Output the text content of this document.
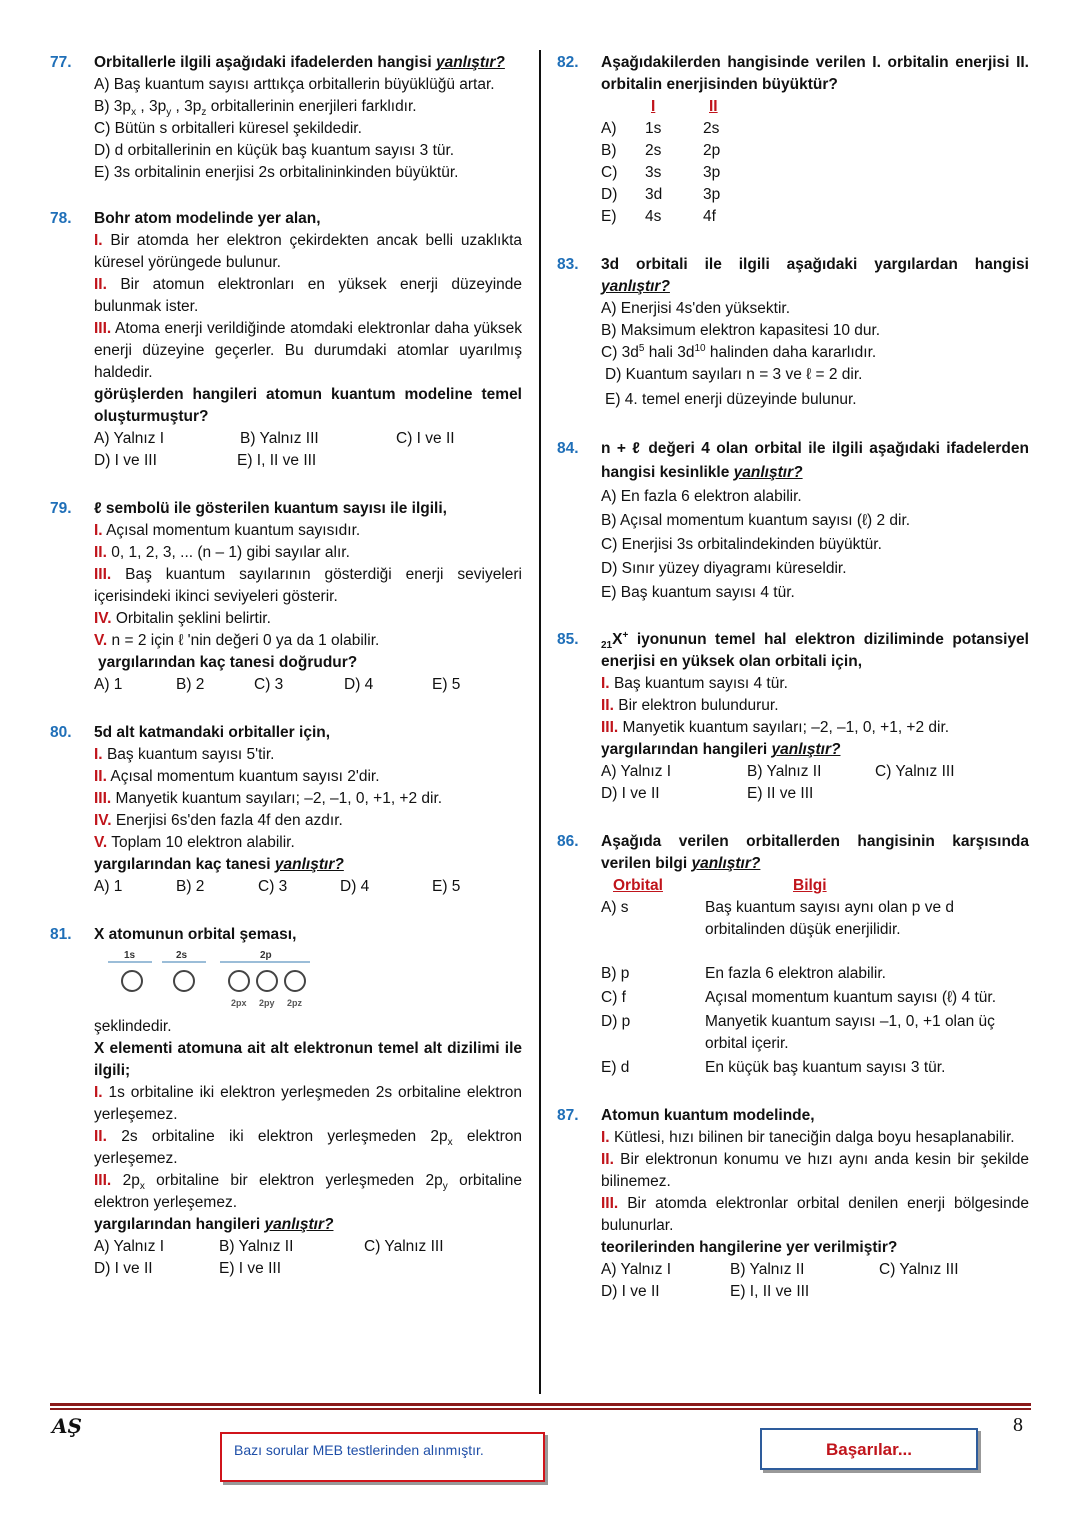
77. Orbitallerle ilgili aşağıdaki ifadelerden hangisi yanlıştır?
A) Baş kuantum sayısı arttıkça orbitallerin büyüklüğü artar.
B) $3p_x$ , $3p_y$ , $3p_z$ orbitallerinin enerjileri farklıdır.
C) Bütün s orbitalleri küresel şekildedir.
D) d orbitallerinin en küçük baş kuantum sayısı 3 tür.
E) 3s orbitalinin enerjisi 2s orbitalininkinden büyüktür.
78. Bohr atom modelinde yer alan,
I. Bir atomda her elektron çekirdekten ancak belli uzaklıkta küresel yörüngede bulunur.
II. Bir atomun elektronları en yüksek enerji düzeyinde bulunmak ister.
III. Atoma enerji verildiğinde atomdaki elektronlar daha yüksek enerji düzeyine geçerler. Bu durumdaki atomlar uyarılmış haldedir.
görüşlerden hangileri atomun kuantum modeline temel oluşturmuştur?
A) Yalnız I	B) Yalnız III	C) I ve II
D) I ve III	E) I, II ve III
79. ℓ sembolü ile gösterilen kuantum sayısı ile ilgili,
I. Açısal momentum kuantum sayısıdır.
II. 0, 1, 2, 3, ... (n – 1) gibi sayılar alır.
III. Baş kuantum sayılarının gösterdiği enerji seviyeleri içerisindeki ikinci seviyeleri gösterir.
IV. Orbitalin şeklini belirtir.
V. n = 2 için ℓ 'nin değeri 0 ya da 1 olabilir.
yargılarından kaç tanesi doğrudur?
A) 1	B) 2	C) 3	D) 4	E) 5
80. 5d alt katmandaki orbitaller için,
I. Baş kuantum sayısı 5'tir.
II. Açısal momentum kuantum sayısı 2'dir.
III. Manyetik kuantum sayıları; –2, –1, 0, +1, +2 dir.
IV. Enerjisi 6s'den fazla 4f den azdır.
V. Toplam 10 elektron alabilir.
yargılarından kaç tanesi yanlıştır?
A) 1	B) 2	C) 3	D) 4	E) 5
81. X atomunun orbital şeması,
1s	2s	2p
2px 2py 2pz
şeklindedir.
X elementi atomuna ait alt elektronun temel alt dizilimi ile ilgili;
I. 1s orbitaline iki elektron yerleşmeden 2s orbitaline elektron yerleşemez.
II. 2s orbitaline iki elektron yerleşmeden $2p_x$ elektron yerleşemez.
III. $2p_x$ orbitaline bir elektron yerleşmeden $2p_y$ orbitaline elektron yerleşemez.
yargılarından hangileri yanlıştır?
A) Yalnız I	B) Yalnız II	C) Yalnız III
D) I ve II	E) I ve III
82. Aşağıdakilerden hangisinde verilen I. orbitalin enerjisi II. orbitalin enerjisinden büyüktür?
	I	II
A)	1s	2s
B)	2s	2p
C)	3s	3p
D)	3d	3p
E)	4s	4f
83. 3d orbitali ile ilgili aşağıdaki yargılardan hangisi
yanlıştır?
A) Enerjisi 4s'den yüksektir.
B) Maksimum elektron kapasitesi 10 dur.
C) $3d^5$ hali $3d^{10}$ halinden daha kararlıdır.
D) Kuantum sayıları n = 3 ve ℓ = 2 dir.
E) 4. temel enerji düzeyinde bulunur.
84. n + ℓ değeri 4 olan orbital ile ilgili aşağıdaki ifadelerden hangisi kesinlikle yanlıştır?
A) En fazla 6 elektron alabilir.
B) Açısal momentum kuantum sayısı (ℓ) 2 dir.
C) Enerjisi 3s orbitalindekinden büyüktür.
D) Sınır yüzey diyagramı küreseldir.
E) Baş kuantum sayısı 4 tür.
85. $_{21}$X+ iyonunun temel hal elektron diziliminde potansiyel enerjisi en yüksek olan orbitali için,
I. Baş kuantum sayısı 4 tür.
II. Bir elektron bulundurur.
III. Manyetik kuantum sayıları; –2, –1, 0, +1, +2 dir.
yargılarından hangileri yanlıştır?
A) Yalnız I	B) Yalnız II	C) Yalnız III
D) I ve II	E) II ve III
86. Aşağıda verilen orbitallerden hangisinin karşısında verilen bilgi yanlıştır?
Orbital	Bilgi
A) s	Baş kuantum sayısı aynı olan p ve d orbitalinden düşük enerjilidir.

B) p	En fazla 6 elektron alabilir.
C) f	Açısal momentum kuantum sayısı (ℓ) 4 tür.
D) p	Manyetik kuantum sayısı –1, 0, +1 olan üç orbital içerir.
E) d	En küçük baş kuantum sayısı 3 tür.
87. Atomun kuantum modelinde,
I. Kütlesi, hızı bilinen bir taneciğin dalga boyu hesaplanabilir.
II. Bir elektronun konumu ve hızı aynı anda kesin bir şekilde bilinemez.
III. Bir atomda elektronlar orbital denilen enerji bölgesinde bulunurlar.
teorilerinden hangilerine yer verilmiştir?
A) Yalnız I	B) Yalnız II	C) Yalnız III
D) I ve II	E) I, II ve III
AŞ	8
Bazı sorular MEB testlerinden alınmıştır.	Başarılar...
